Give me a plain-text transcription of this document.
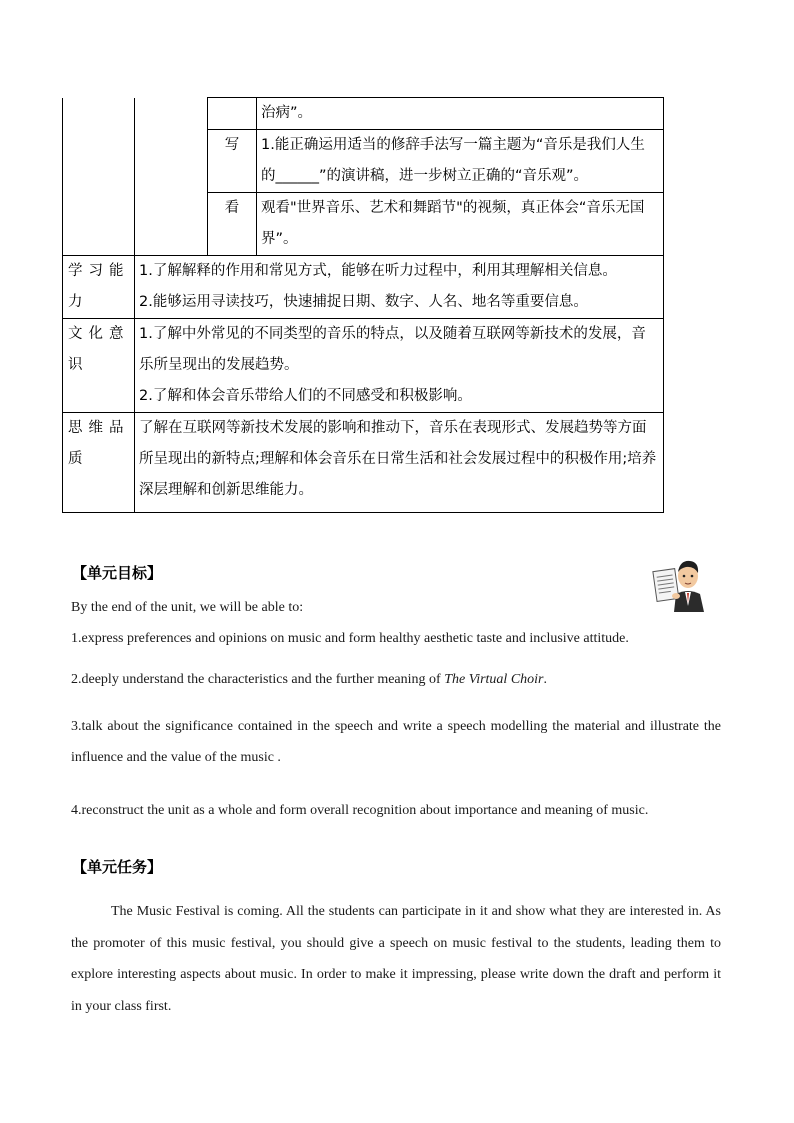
			治病”。
		写	1.能正确运用适当的修辞手法写一篇主题为“音乐是我们人生的______”的演讲稿，进一步树立正确的“音乐观”。
		看	观看"世界音乐、艺术和舞蹈节"的视频，真正体会“音乐无国界”。
学习能力	1.了解解释的作用和常见方式，能够在听力过程中，利用其理解相关信息。
2.能够运用寻读技巧，快速捕捉日期、数字、人名、地名等重要信息。		

文化意识	1.了解中外常见的不同类型的音乐的特点，以及随着互联网等新技术的发展，音乐所呈现出的发展趋势。
2.了解和体会音乐带给人们的不同感受和积极影响。		

思维品质	了解在互联网等新技术发展的影响和推动下，音乐在表现形式、发展趋势等方面所呈现出的新特点;理解和体会音乐在日常生活和社会发展过程中的积极作用;培养深层理解和创新思维能力。		
【单元目标】

By the end of the unit, we will be able to:

1.express preferences and opinions on music and form healthy aesthetic taste and inclusive attitude.

2.deeply understand the characteristics and the further meaning of The Virtual Choir.

3.talk about the significance contained in the speech and write a speech modelling the material and illustrate the influence and the value of the music .

4.reconstruct the unit as a whole and form overall recognition about importance and meaning of music.

【单元任务】
The Music Festival is coming. All the students can participate in it and show what they are interested in. As the promoter of this music festival, you should give a speech on music festival to the students, leading them to explore interesting aspects about music. In order to make it impressing, please write down the draft and perform it in your class first.
